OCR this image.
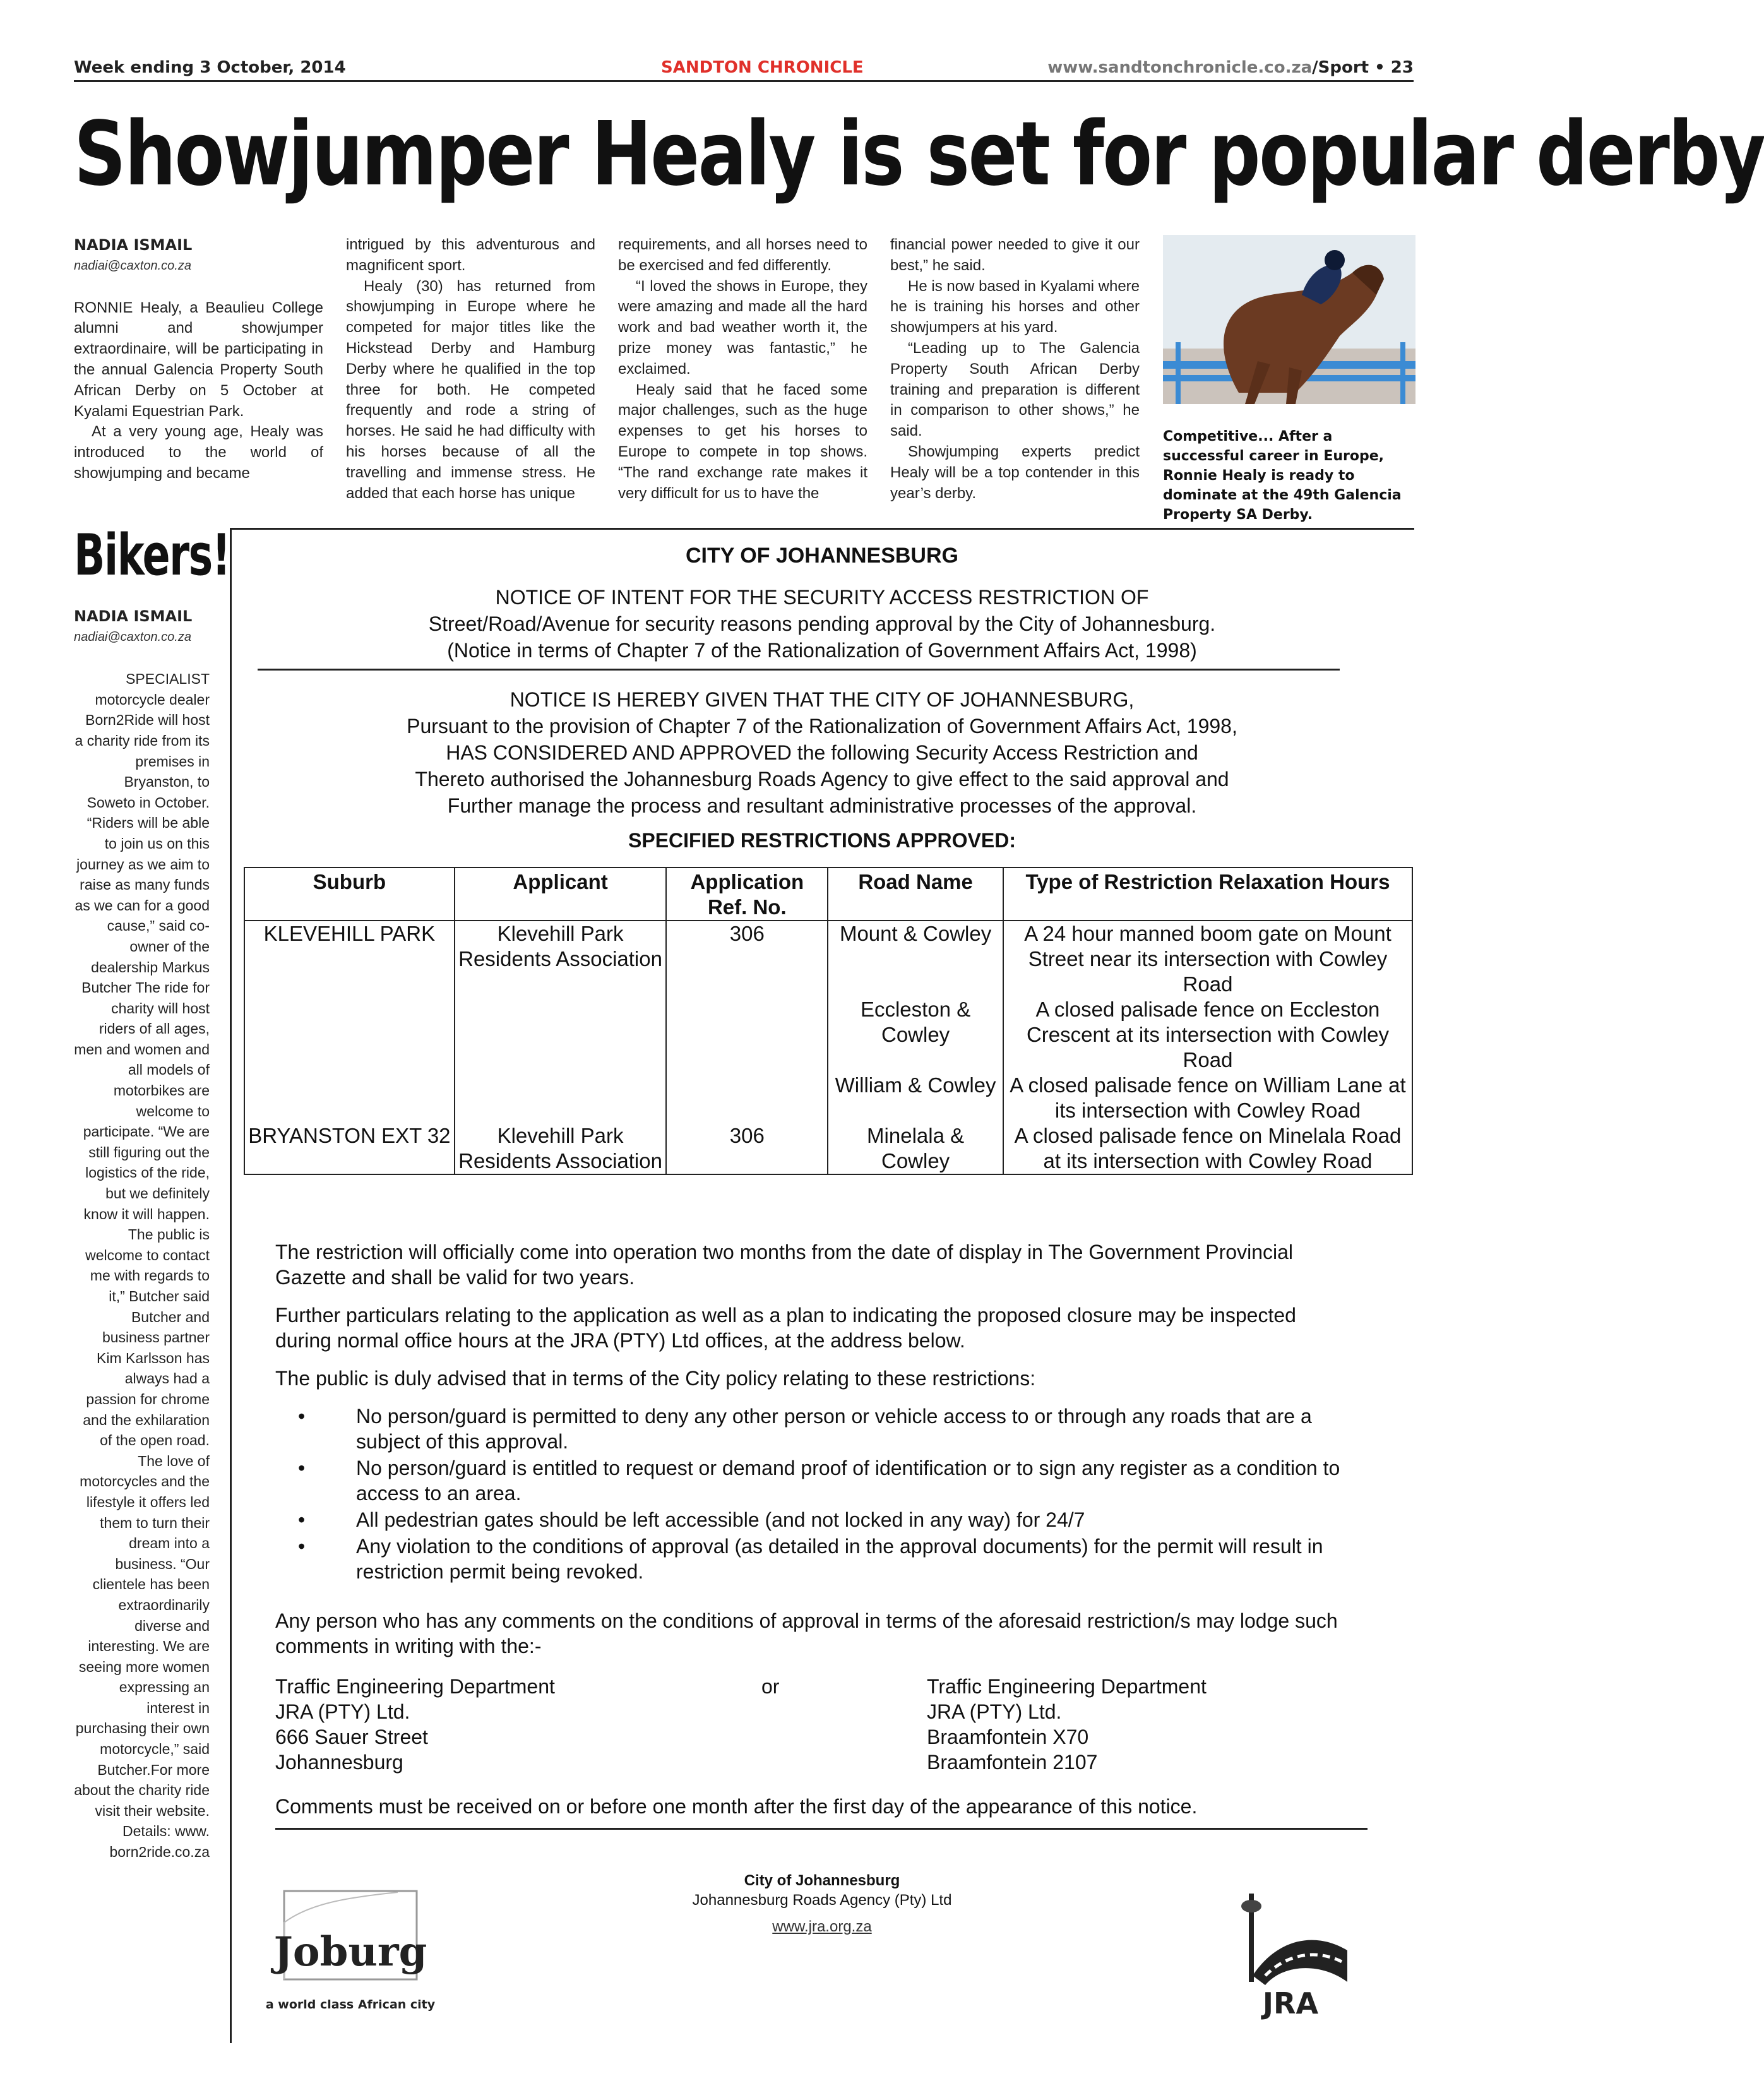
Week ending 3 October, 2014	SANDTON CHRONICLE	www.sandtonchronicle.co.za/Sport • 23
Showjumper Healy is set for popular derby
NADIA ISMAIL
nadiai@caxton.co.za

RONNIE Healy, a Beaulieu College alumni and showjumper extraordinaire, will be participating in the annual Galencia Property South African Derby on 5 October at Kyalami Equestrian Park.

At a very young age, Healy was introduced to the world of showjumping and became

intrigued by this adventurous and magnificent sport.

Healy (30) has returned from showjumping in Europe where he competed for major titles like the Hickstead Derby and Hamburg Derby where he qualified in the top three for both. He competed frequently and rode a string of horses. He said he had difficulty with his horses because of all the travelling and immense stress. He added that each horse has unique

requirements, and all horses need to be exercised and fed differently.

“I loved the shows in Europe, they were amazing and made all the hard work and bad weather worth it, the prize money was fantastic,” he exclaimed.

Healy said that he faced some major challenges, such as the huge expenses to get his horses to Europe to compete in top shows. “The rand exchange rate makes it very difficult for us to have the

financial power needed to give it our best,” he said.

He is now based in Kyalami where he is training his horses and other showjumpers at his yard.

“Leading up to The Galencia Property South African Derby training and preparation is different in comparison to other shows,” he said.

Showjumping experts predict Healy will be a top contender in this year’s derby.

Competitive... After a successful career in Europe, Ronnie Healy is ready to dominate at the 49th Galencia Property SA Derby.
Bikers!
NADIA ISMAIL
nadiai@caxton.co.za
SPECIALIST motorcycle dealer Born2Ride will host a charity ride from its premises in Bryanston, to Soweto in October. “Riders will be able to join us on this journey as we aim to raise as many funds as we can for a good cause,” said co-owner of the dealership Markus Butcher The ride for charity will host riders of all ages, men and women and all models of motorbikes are welcome to participate. “We are still figuring out the logistics of the ride, but we definitely know it will happen. The public is welcome to contact me with regards to it,” Butcher said Butcher and business partner Kim Karlsson has always had a passion for chrome and the exhilaration of the open road. The love of motorcycles and the lifestyle it offers led them to turn their dream into a business. “Our clientele has been extraordinarily diverse and interesting. We are seeing more women expressing an interest in purchasing their own motorcycle,” said Butcher.For more about the charity ride visit their website. Details: www. born2ride.co.za
CITY OF JOHANNESBURG
NOTICE OF INTENT FOR THE SECURITY ACCESS RESTRICTION OF
Street/Road/Avenue for security reasons pending approval by the City of Johannesburg.
(Notice in terms of Chapter 7 of the Rationalization of Government Affairs Act, 1998)
NOTICE IS HEREBY GIVEN THAT THE CITY OF JOHANNESBURG,
Pursuant to the provision of Chapter 7 of the Rationalization of Government Affairs Act, 1998,
HAS CONSIDERED AND APPROVED the following Security Access Restriction and
Thereto authorised the Johannesburg Roads Agency to give effect to the said approval and
Further manage the process and resultant administrative processes of the approval.
SPECIFIED RESTRICTIONS APPROVED:
Suburb	Applicant	Application Ref. No.	Road Name	Type of Restriction Relaxation Hours
KLEVEHILL PARK	Klevehill Park Residents Association	306	Mount & Cowley	A 24 hour manned boom gate on Mount Street near its intersection with Cowley Road
			Eccleston & Cowley	A closed palisade fence on Eccleston Crescent at its intersection with Cowley Road
			William & Cowley	A closed palisade fence on William Lane at its intersection with Cowley Road
BRYANSTON EXT 32	Klevehill Park Residents Association	306	Minelala & Cowley	A closed palisade fence on Minelala Road at its intersection with Cowley Road
The restriction will officially come into operation two months from the date of display in The Government Provincial Gazette and shall be valid for two years.
Further particulars relating to the application as well as a plan to indicating the proposed closure may be inspected during normal office hours at the JRA (PTY) Ltd offices, at the address below.
The public is duly advised that in terms of the City policy relating to these restrictions:
•	No person/guard is permitted to deny any other person or vehicle access to or through any roads that are a subject of this approval.
•	No person/guard is entitled to request or demand proof of identification or to sign any register as a condition to access to an area.
•	All pedestrian gates should be left accessible (and not locked in any way) for 24/7
•	Any violation to the conditions of approval (as detailed in the approval documents) for the permit will result in restriction permit being revoked.
Any person who has any comments on the conditions of approval in terms of the aforesaid restriction/s may lodge such comments in writing with the:-
Traffic Engineering Department
JRA (PTY) Ltd.
666 Sauer Street
Johannesburg
or	Traffic Engineering Department
JRA (PTY) Ltd.
Braamfontein X70
Braamfontein 2107
Comments must be received on or before one month after the first day of the appearance of this notice.
City of Johannesburg
Johannesburg Roads Agency (Pty) Ltd
www.jra.org.za
Joburg
a world class African city	JRA
